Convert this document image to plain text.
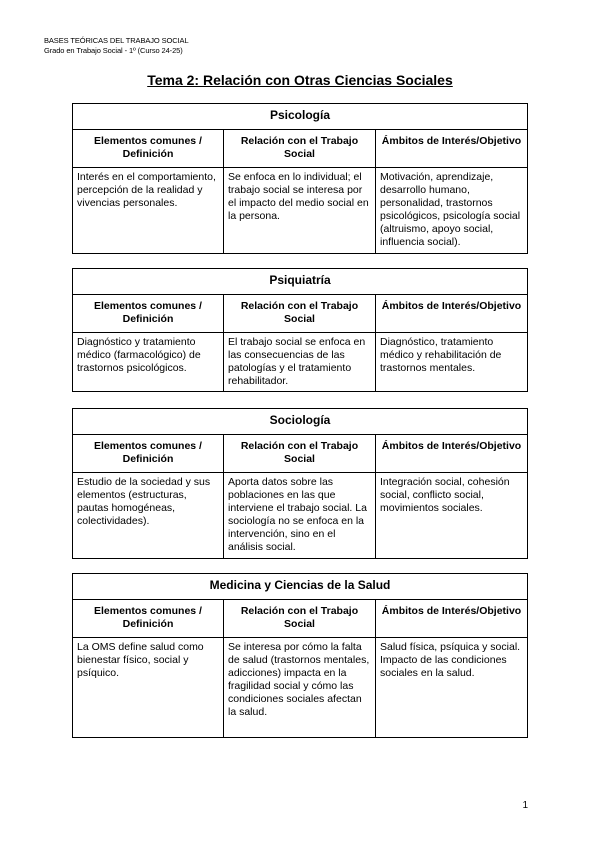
BASES TEÓRICAS DEL TRABAJO SOCIAL
Grado en Trabajo Social - 1º (Curso 24-25)
Tema 2: Relación con Otras Ciencias Sociales
Psicología		
Elementos comunes / Definición	Relación con el Trabajo Social	Ámbitos de Interés/Objetivo
Interés en el comportamiento, percepción de la realidad y vivencias personales.	Se enfoca en lo individual; el trabajo social se interesa por el impacto del medio social en la persona.	Motivación, aprendizaje, desarrollo humano, personalidad, trastornos psicológicos, psicología social (altruismo, apoyo social, influencia social).
Psiquiatría		
Elementos comunes / Definición	Relación con el Trabajo Social	Ámbitos de Interés/Objetivo
Diagnóstico y tratamiento médico (farmacológico) de trastornos psicológicos.	El trabajo social se enfoca en las consecuencias de las patologías y el tratamiento rehabilitador.	Diagnóstico, tratamiento médico y rehabilitación de trastornos mentales.
Sociología		
Elementos comunes / Definición	Relación con el Trabajo Social	Ámbitos de Interés/Objetivo
Estudio de la sociedad y sus elementos (estructuras, pautas homogéneas, colectividades).	Aporta datos sobre las poblaciones en las que interviene el trabajo social. La sociología no se enfoca en la intervención, sino en el análisis social.	Integración social, cohesión social, conflicto social, movimientos sociales.
Medicina y Ciencias de la Salud		
Elementos comunes / Definición	Relación con el Trabajo Social	Ámbitos de Interés/Objetivo
La OMS define salud como bienestar físico, social y psíquico.	Se interesa por cómo la falta de salud (trastornos mentales, adicciones) impacta en la fragilidad social y cómo las condiciones sociales afectan la salud.	Salud física, psíquica y social. Impacto de las condiciones sociales en la salud.
1
